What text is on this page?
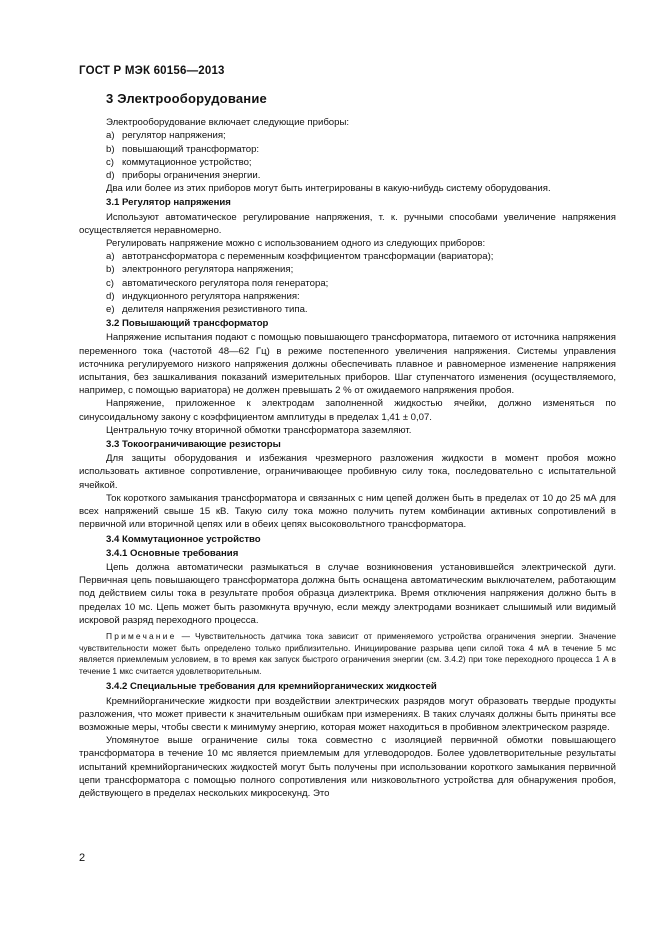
ГОСТ Р МЭК 60156—2013
3 Электрооборудование
Электрооборудование включает следующие приборы:
a) регулятор напряжения;
b) повышающий трансформатор:
c) коммутационное устройство;
d) приборы ограничения энергии.
Два или более из этих приборов могут быть интегрированы в какую-нибудь систему оборудования.
3.1 Регулятор напряжения

Используют автоматическое регулирование напряжения, т. к. ручными способами увеличение напряжения осуществляется неравномерно.

Регулировать напряжение можно с использованием одного из следующих приборов:

a) автотрансформатора с переменным коэффициентом трансформации (вариатора);
b) электронного регулятора напряжения;
c) автоматического регулятора поля генератора;
d) индукционного регулятора напряжения:
e) делителя напряжения резистивного типа.
3.2 Повышающий трансформатор

Напряжение испытания подают с помощью повышающего трансформатора, питаемого от источника напряжения переменного тока (частотой 48—62 Гц) в режиме постепенного увеличения напряжения. Системы управления источника регулируемого низкого напряжения должны обеспечивать плавное и равномерное изменение напряжения испытания, без зашкаливания показаний измерительных приборов. Шаг ступенчатого изменения (осуществляемого, например, с помощью вариатора) не должен превышать 2 % от ожидаемого напряжения пробоя.

Напряжение, приложенное к электродам заполненной жидкостью ячейки, должно изменяться по синусоидальному закону с коэффициентом амплитуды в пределах 1,41 ± 0,07.

Центральную точку вторичной обмотки трансформатора заземляют.

3.3 Токоограничивающие резисторы

Для защиты оборудования и избежания чрезмерного разложения жидкости в момент пробоя можно использовать активное сопротивление, ограничивающее пробивную силу тока, последовательно с испытательной ячейкой.

Ток короткого замыкания трансформатора и связанных с ним цепей должен быть в пределах от 10 до 25 мА для всех напряжений свыше 15 кВ. Такую силу тока можно получить путем комбинации активных сопротивлений в первичной или вторичной цепях или в обеих цепях высоковольтного трансформатора.

3.4 Коммутационное устройство
3.4.1 Основные требования

Цепь должна автоматически размыкаться в случае возникновения установившейся электрической дуги. Первичная цепь повышающего трансформатора должна быть оснащена автоматическим выключателем, работающим под действием силы тока в результате пробоя образца диэлектрика. Время отключения напряжения должно быть в пределах 10 мс. Цепь может быть разомкнута вручную, если между электродами возникает слышимый или видимый искровой разряд переходного процесса.

Примечание — Чувствительность датчика тока зависит от применяемого устройства ограничения энергии. Значение чувствительности может быть определено только приблизительно. Инициирование разрыва цепи силой тока 4 мА в течение 5 мс является приемлемым условием, в то время как запуск быстрого ограничения энергии (см. 3.4.2) при токе переходного процесса 1 А в течение 1 мкс считается удовлетворительным.

3.4.2 Специальные требования для кремнийорганических жидкостей

Кремнийорганические жидкости при воздействии электрических разрядов могут образовать твердые продукты разложения, что может привести к значительным ошибкам при измерениях. В таких случаях должны быть приняты все возможные меры, чтобы свести к минимуму энергию, которая может находиться в пробивном электрическом разряде.

Упомянутое выше ограничение силы тока совместно с изоляцией первичной обмотки повышающего трансформатора в течение 10 мс является приемлемым для углеводородов. Более удовлетворительные результаты испытаний кремнийорганических жидкостей могут быть получены при использовании короткого замыкания первичной цепи трансформатора с помощью полного сопротивления или низковольтного устройства для обнаружения пробоя, действующего в пределах нескольких микросекунд. Это

2
